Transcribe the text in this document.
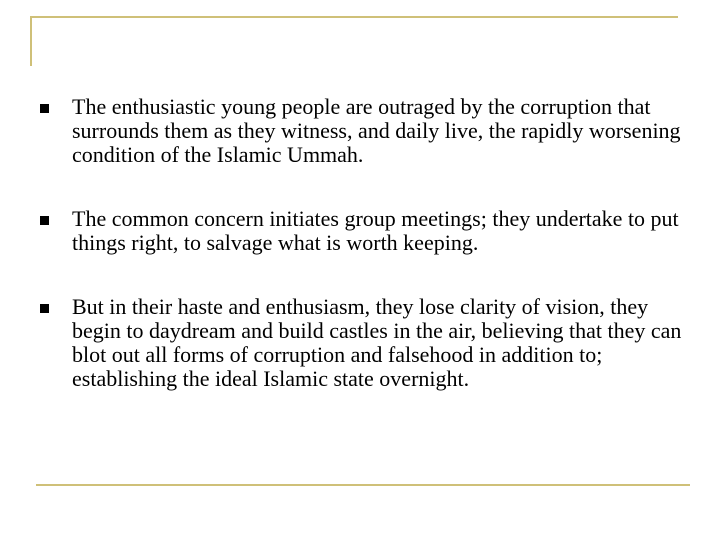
The enthusiastic young people are outraged by the corruption that surrounds them as they witness, and daily live, the rapidly worsening condition of the Islamic Ummah.
The common concern initiates group meetings; they undertake to put things right, to salvage what is worth keeping.
But in their haste and enthusiasm, they lose clarity of vision, they begin to daydream and build castles in the air, believing that they can blot out all forms of corruption and falsehood in addition to; establishing the ideal Islamic state overnight.
